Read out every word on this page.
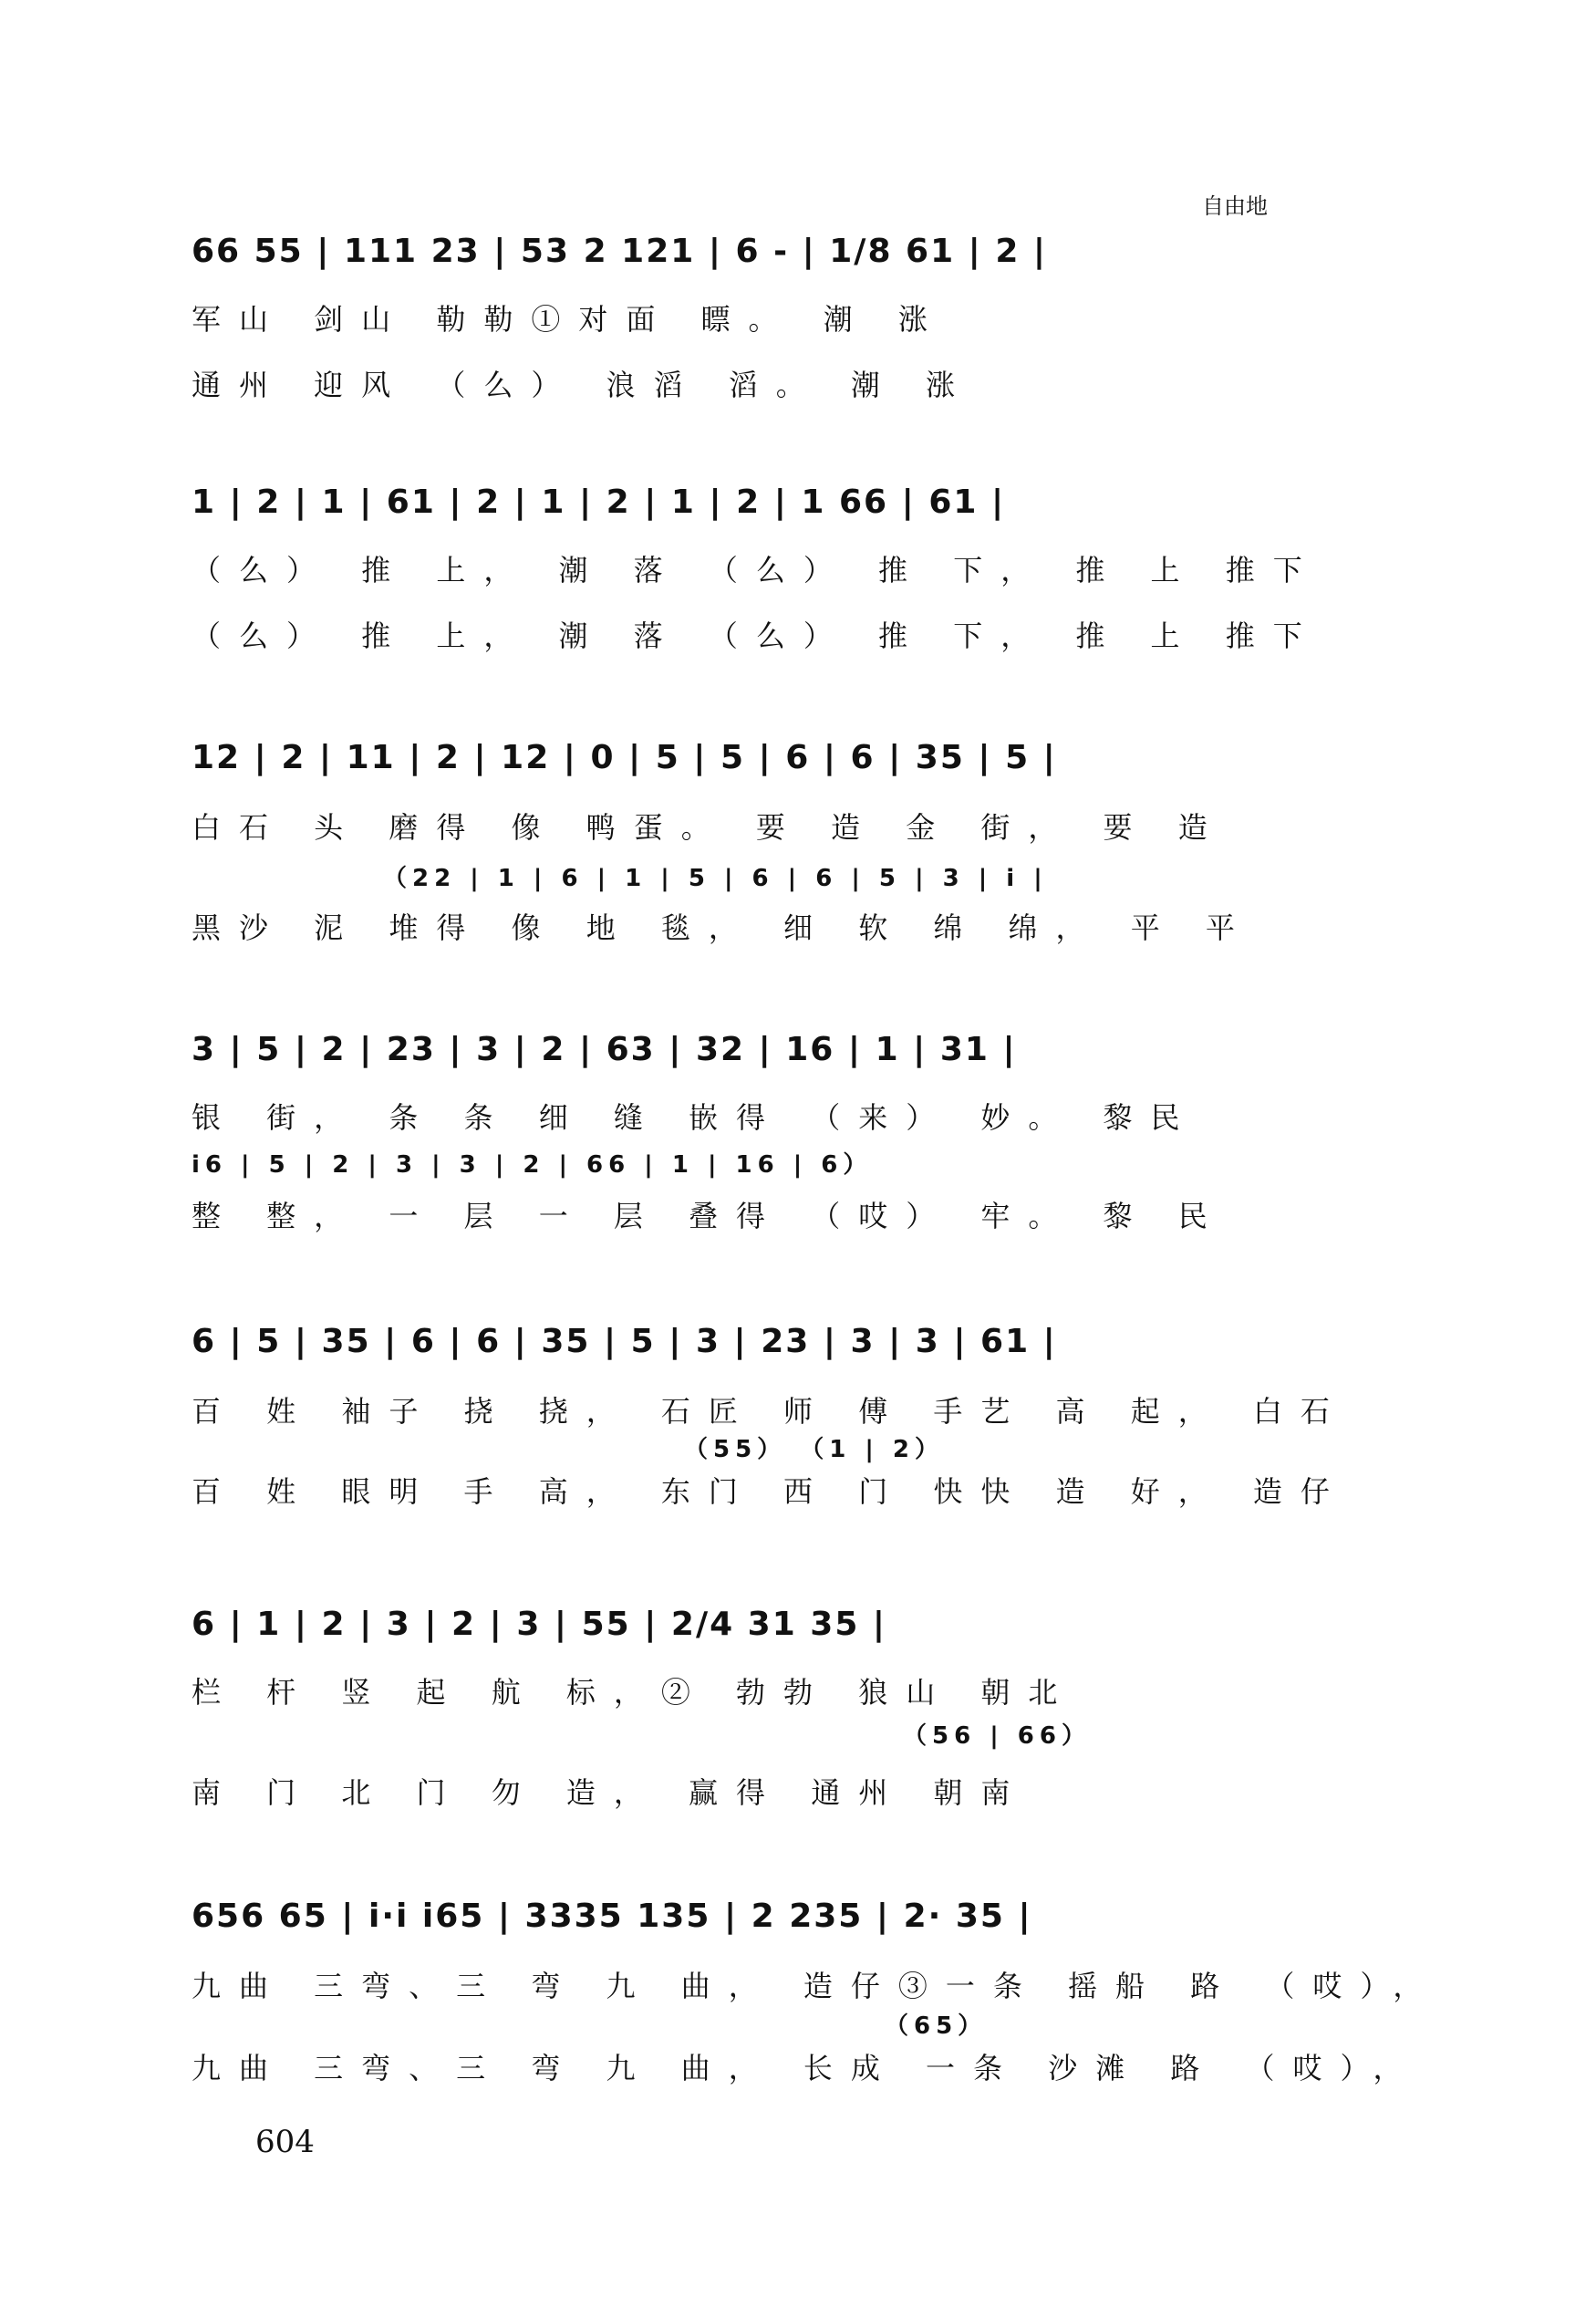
自由地
66 55 | 111 23 | 53 2 121 | 6 - | 1/8 61 | 2 |
军山 剑山 勒勒①对面 瞟。 潮 涨
通州 迎风 （么） 浪滔 滔。 潮 涨
1 | 2 | 1 | 61 | 2 | 1 | 2 | 1 | 2 | 1 66 | 61 |
（么） 推 上， 潮 落 （么） 推 下， 推 上 推下
（么） 推 上， 潮 落 （么） 推 下， 推 上 推下
12 | 2 | 11 | 2 | 12 | 0 | 5 | 5 | 6 | 6 | 35 | 5 |
白石 头 磨得 像 鸭蛋。 要 造 金 街， 要 造
（22 | 1 | 6 | 1 | 5 | 6 | 6 | 5 | 3 | i |
黑沙 泥 堆得 像 地 毯， 细 软 绵 绵， 平 平
3 | 5 | 2 | 23 | 3 | 2 | 63 | 32 | 16 | 1 | 31 |
银 街， 条 条 细 缝 嵌得 （来） 妙。 黎民
i6 | 5 | 2 | 3 | 3 | 2 | 66 | 1 | 16 | 6）
整 整， 一 层 一 层 叠得 （哎） 牢。 黎 民
6 | 5 | 35 | 6 | 6 | 35 | 5 | 3 | 23 | 3 | 3 | 61 |
百 姓 袖子 挠 挠， 石匠 师 傅 手艺 高 起， 白石
（55） （1 | 2）
百 姓 眼明 手 高， 东门 西 门 快快 造 好， 造仔
6 | 1 | 2 | 3 | 2 | 3 | 55 | 2/4 31 35 |
栏 杆 竖 起 航 标，② 勃勃 狼山 朝北
（56 | 66）
南 门 北 门 勿 造， 赢得 通州 朝南
656 65 | i·i i65 | 3335 135 | 2 235 | 2· 35 |
九曲 三弯、三 弯 九 曲， 造仔③一条 摇船 路 （哎），
（65）
九曲 三弯、三 弯 九 曲， 长成 一条 沙滩 路 （哎），
604
